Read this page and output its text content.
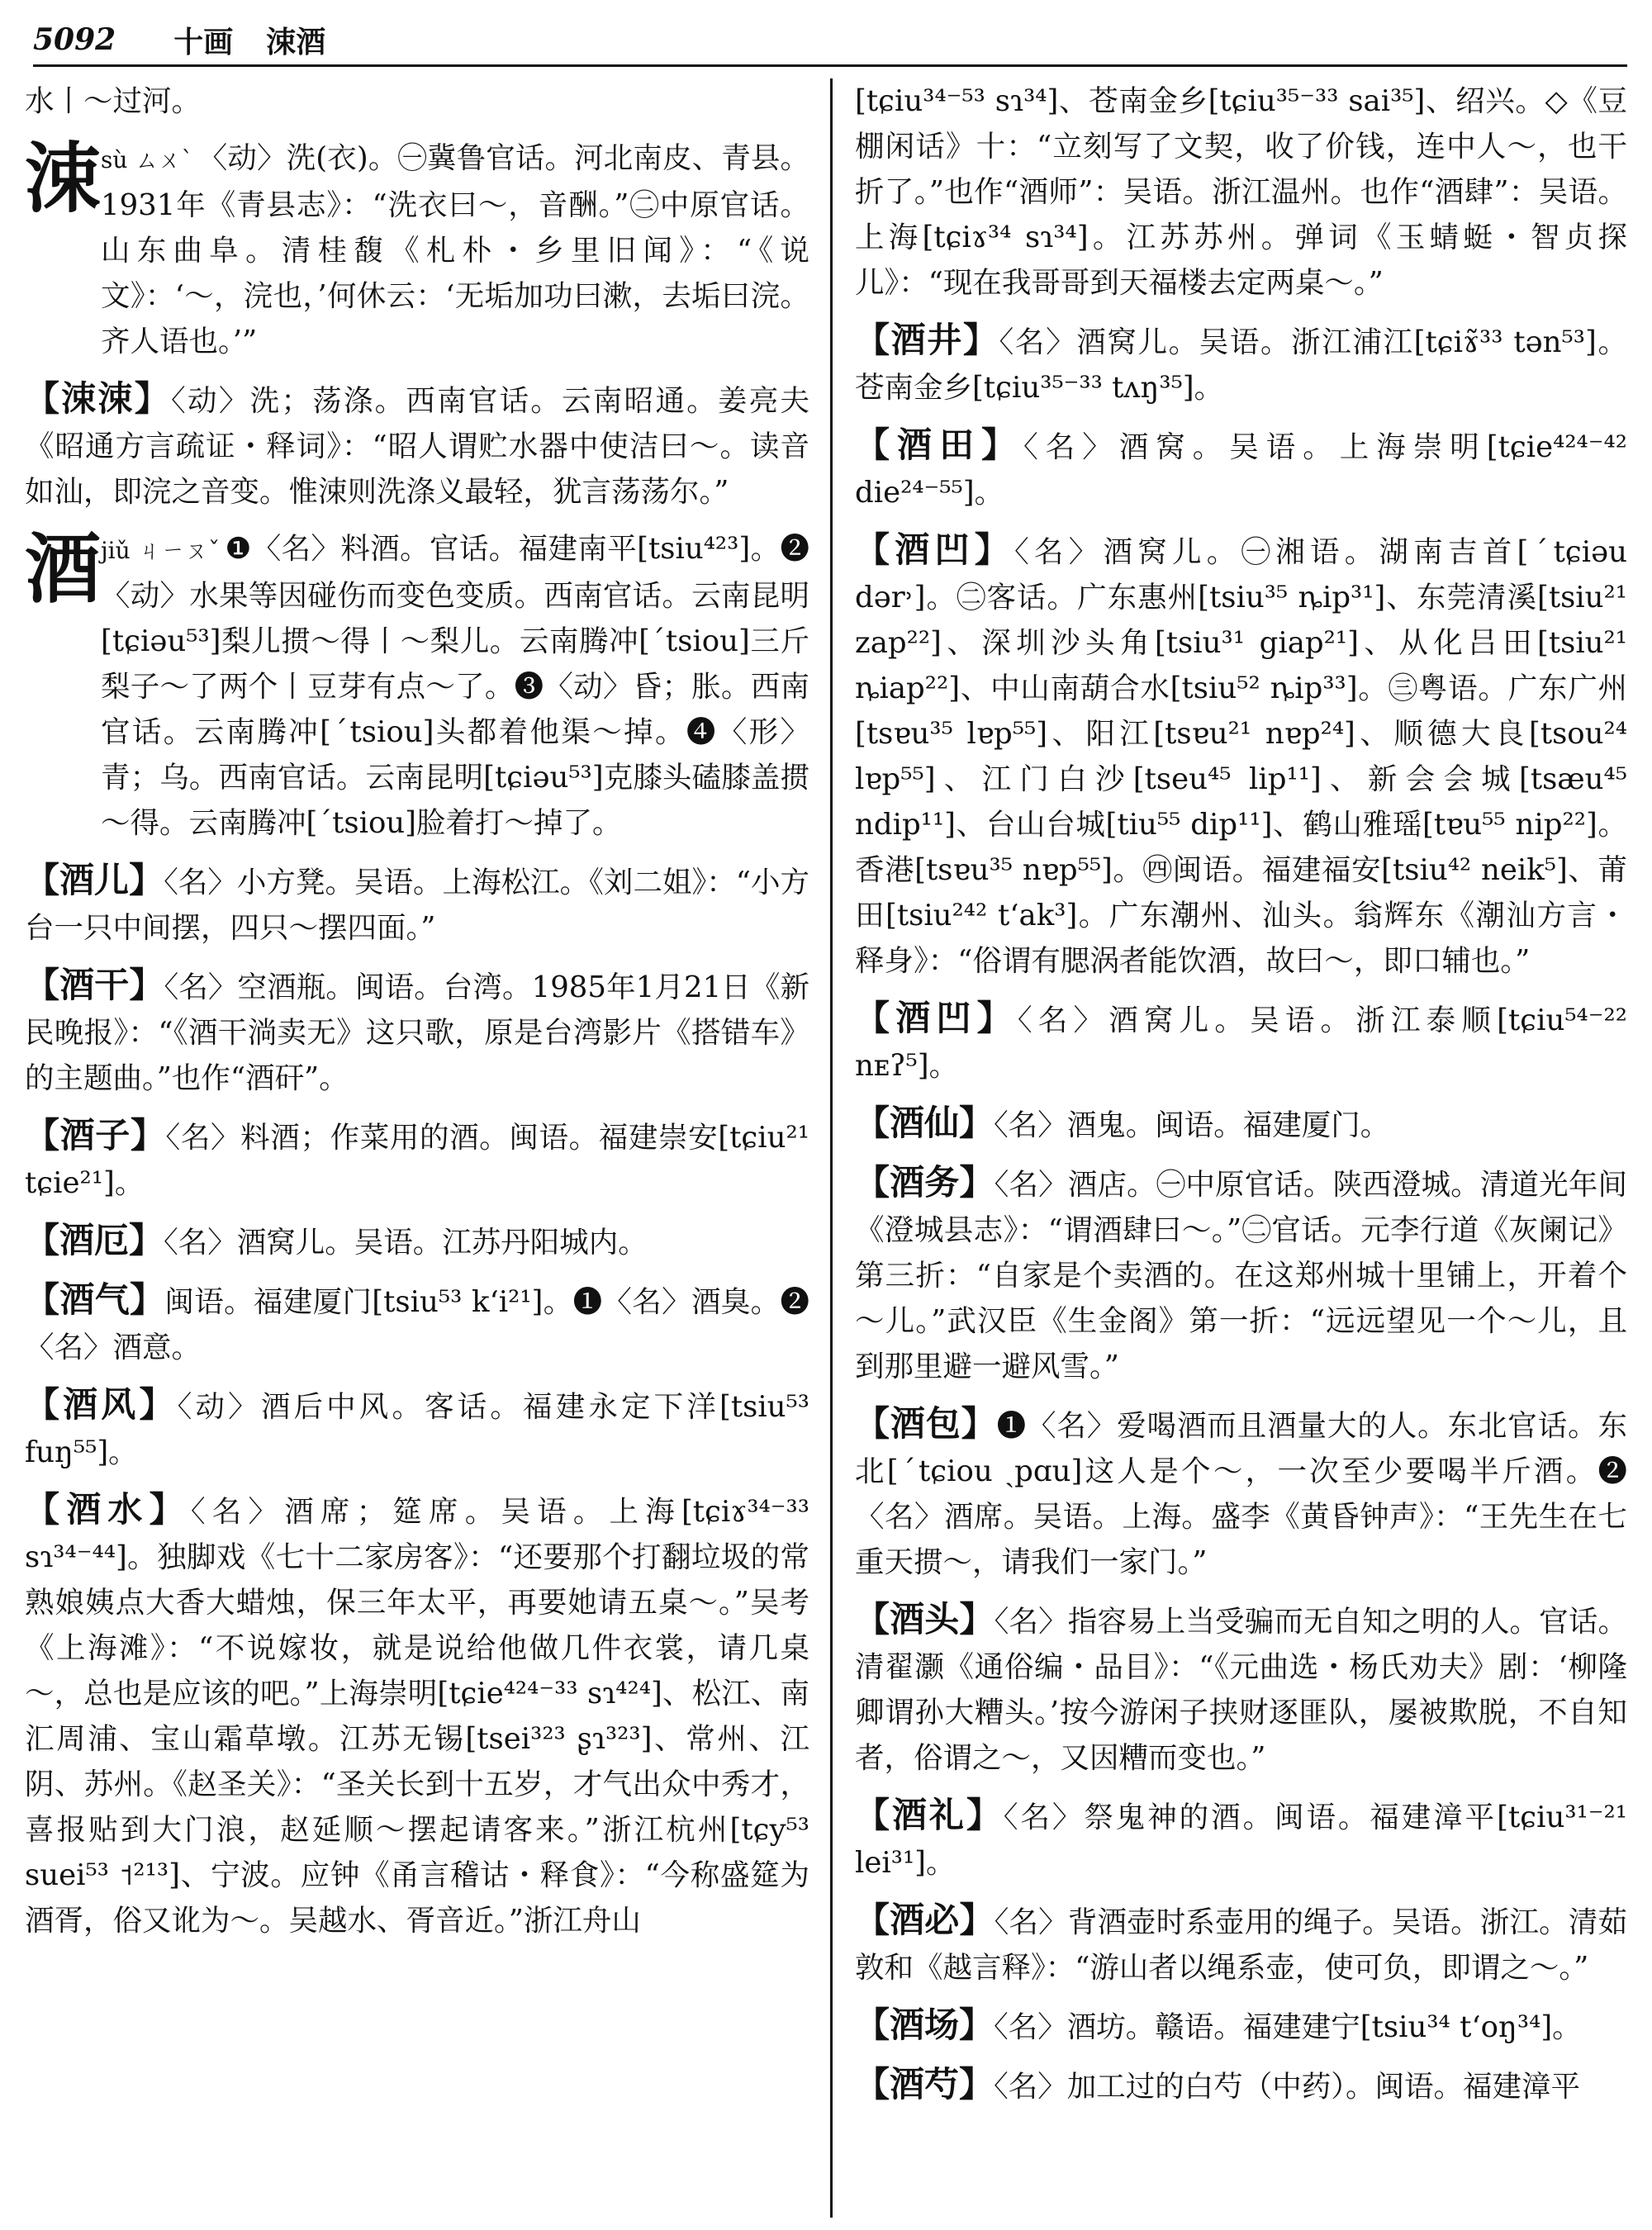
5092 十画 涑酒
水丨～过河。
涑 sù ㄙㄨˋ 〈动〉洗(衣)。㊀冀鲁官话。河北南皮、青县。1931年《青县志》：“洗衣曰～，音酬。”㊁中原官话。山东曲阜。清桂馥《札朴・乡里旧闻》：“《说文》：‘～，浣也，’何休云：‘无垢加功曰漱，去垢曰浣。齐人语也。’”
【涑涑】〈动〉洗；荡涤。西南官话。云南昭通。姜亮夫《昭通方言疏证・释词》：“昭人谓贮水器中使洁曰～。读音如汕，即浣之音变。惟涑则洗涤义最轻，犹言荡荡尔。”
酒 jiǔ ㄐㄧㄡˇ ❶〈名〉料酒。官话。福建南平[tsiu⁴²³]。❷〈动〉水果等因碰伤而变色变质。西南官话。云南昆明[tɕiəu⁵³]梨儿掼～得丨～梨儿。云南腾冲[ˊtsiou]三斤梨子～了两个丨豆芽有点～了。❸〈动〉昏；胀。西南官话。云南腾冲[ˊtsiou]头都着他渠～掉。❹〈形〉青；乌。西南官话。云南昆明[tɕiəu⁵³]克膝头磕膝盖掼～得。云南腾冲[ˊtsiou]脸着打～掉了。
【酒儿】〈名〉小方凳。吴语。上海松江。《刘二姐》：“小方台一只中间摆，四只～摆四面。”
【酒干】〈名〉空酒瓶。闽语。台湾。1985年1月21日《新民晚报》：“《酒干淌卖无》这只歌，原是台湾影片《搭错车》的主题曲。”也作“酒矸”。
【酒子】〈名〉料酒；作菜用的酒。闽语。福建崇安[tɕiu²¹ tɕie²¹]。
【酒厄】〈名〉酒窝儿。吴语。江苏丹阳城内。
【酒气】闽语。福建厦门[tsiu⁵³ k‘i²¹]。❶〈名〉酒臭。❷〈名〉酒意。
【酒风】〈动〉酒后中风。客话。福建永定下洋[tsiu⁵³ fuŋ⁵⁵]。
【酒水】〈名〉酒席；筵席。吴语。上海[tɕiɤ³⁴⁻³³ sɿ³⁴⁻⁴⁴]。独脚戏《七十二家房客》：“还要那个打翻垃圾的常熟娘姨点大香大蜡烛，保三年太平，再要她请五桌～。”吴考《上海滩》：“不说嫁妆，就是说给他做几件衣裳，请几桌～，总也是应该的吧。”上海崇明[tɕie⁴²⁴⁻³³ sɿ⁴²⁴]、松江、南汇周浦、宝山霜草墩。江苏无锡[tsei³²³ ʂɿ³²³]、常州、江阴、苏州。《赵圣关》：“圣关长到十五岁，才气出众中秀才，喜报贴到大门浪，赵延顺～摆起请客来。”浙江杭州[tɕy⁵³ suei⁵³ ˦²¹³]、宁波。应钟《甬言稽诂・释食》：“今称盛筵为酒胥，俗又讹为～。吴越水、胥音近。”浙江舟山
[tɕiu³⁴⁻⁵³ sɿ³⁴]、苍南金乡[tɕiu³⁵⁻³³ sai³⁵]、绍兴。◇《豆棚闲话》十：“立刻写了文契，收了价钱，连中人～，也干折了。”也作“酒师”：吴语。浙江温州。也作“酒肆”：吴语。上海[tɕiɤ³⁴ sɿ³⁴]。江苏苏州。弹词《玉蜻蜓・智贞探儿》：“现在我哥哥到天福楼去定两桌～。”
【酒井】〈名〉酒窝儿。吴语。浙江浦江[tɕiɤ̃³³ tən⁵³]。苍南金乡[tɕiu³⁵⁻³³ tʌŋ³⁵]。
【酒田】〈名〉酒窝。吴语。上海崇明[tɕie⁴²⁴⁻⁴² die²⁴⁻⁵⁵]。
【酒凹】〈名〉酒窝儿。㊀湘语。湖南吉首[ˊtɕiəu dər˒]。㊁客话。广东惠州[tsiu³⁵ ȵip³¹]、东莞清溪[tsiu²¹ zap²²]、深圳沙头角[tsiu³¹ giap²¹]、从化吕田[tsiu²¹ ȵiap²²]、中山南葫合水[tsiu⁵² ȵip³³]。㊂粤语。广东广州[tsɐu³⁵ lɐp⁵⁵]、阳江[tsɐu²¹ nɐp²⁴]、顺德大良[tsou²⁴ lɐp⁵⁵]、江门白沙[tseu⁴⁵ lip¹¹]、新会会城[tsæu⁴⁵ ndip¹¹]、台山台城[tiu⁵⁵ dip¹¹]、鹤山雅瑶[tɐu⁵⁵ nip²²]。香港[tsɐu³⁵ nɐp⁵⁵]。㊃闽语。福建福安[tsiu⁴² neik⁵]、莆田[tsiu²⁴² t‘ak³]。广东潮州、汕头。翁辉东《潮汕方言・释身》：“俗谓有腮涡者能饮酒，故曰～，即口辅也。”
【酒凹】〈名〉酒窝儿。吴语。浙江泰顺[tɕiu⁵⁴⁻²² nᴇʔ⁵]。
【酒仙】〈名〉酒鬼。闽语。福建厦门。
【酒务】〈名〉酒店。㊀中原官话。陕西澄城。清道光年间《澄城县志》：“谓酒肆曰～。”㊁官话。元李行道《灰阑记》第三折：“自家是个卖酒的。在这郑州城十里铺上，开着个～儿。”武汉臣《生金阁》第一折：“远远望见一个～儿，且到那里避一避风雪。”
【酒包】❶〈名〉爱喝酒而且酒量大的人。东北官话。东北[ˊtɕiou ˏpɑu]这人是个～，一次至少要喝半斤酒。❷〈名〉酒席。吴语。上海。盛李《黄昏钟声》：“王先生在七重天掼～，请我们一家门。”
【酒头】〈名〉指容易上当受骗而无自知之明的人。官话。清翟灏《通俗编・品目》：“《元曲选・杨氏劝夫》剧：‘柳隆卿谓孙大糟头。’按今游闲子挟财逐匪队，屡被欺脱，不自知者，俗谓之～，又因糟而变也。”
【酒礼】〈名〉祭鬼神的酒。闽语。福建漳平[tɕiu³¹⁻²¹ lei³¹]。
【酒必】〈名〉背酒壶时系壶用的绳子。吴语。浙江。清茹敦和《越言释》：“游山者以绳系壶，使可负，即谓之～。”
【酒场】〈名〉酒坊。赣语。福建建宁[tsiu³⁴ t‘oŋ³⁴]。
【酒芍】〈名〉加工过的白芍（中药）。闽语。福建漳平
